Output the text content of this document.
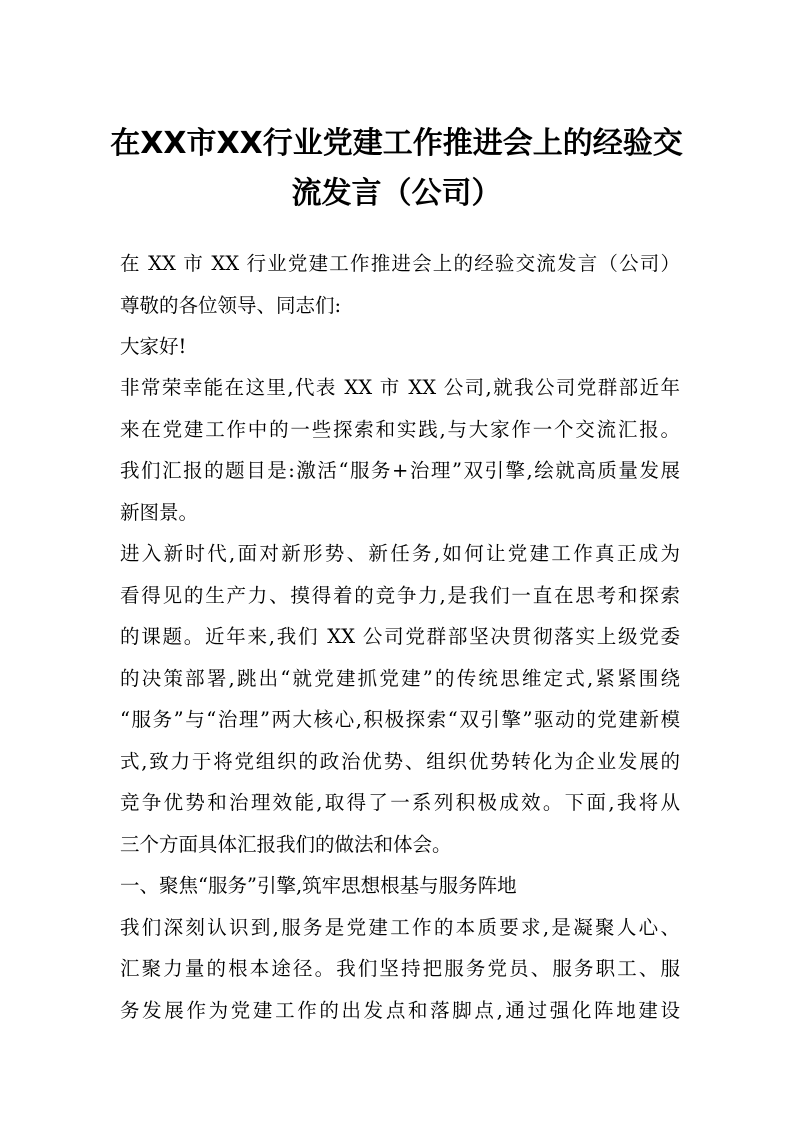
在XX市XX行业党建工作推进会上的经验交
流发言（公司）

在 XX 市 XX 行业党建工作推进会上的经验交流发言（公司）

尊敬的各位领导、同志们:

大家好!

非常荣幸能在这里,代表 XX 市 XX 公司,就我公司党群部近年

来在党建工作中的一些探索和实践,与大家作一个交流汇报。

我们汇报的题目是:激活“服务+治理”双引擎,绘就高质量发展

新图景。

进入新时代,面对新形势、新任务,如何让党建工作真正成为

看得见的生产力、摸得着的竞争力,是我们一直在思考和探索

的课题。近年来,我们 XX 公司党群部坚决贯彻落实上级党委

的决策部署,跳出“就党建抓党建”的传统思维定式,紧紧围绕

“服务”与“治理”两大核心,积极探索“双引擎”驱动的党建新模

式,致力于将党组织的政治优势、组织优势转化为企业发展的

竞争优势和治理效能,取得了一系列积极成效。下面,我将从

三个方面具体汇报我们的做法和体会。

一、聚焦“服务”引擎,筑牢思想根基与服务阵地

我们深刻认识到,服务是党建工作的本质要求,是凝聚人心、

汇聚力量的根本途径。我们坚持把服务党员、服务职工、服

务发展作为党建工作的出发点和落脚点,通过强化阵地建设
